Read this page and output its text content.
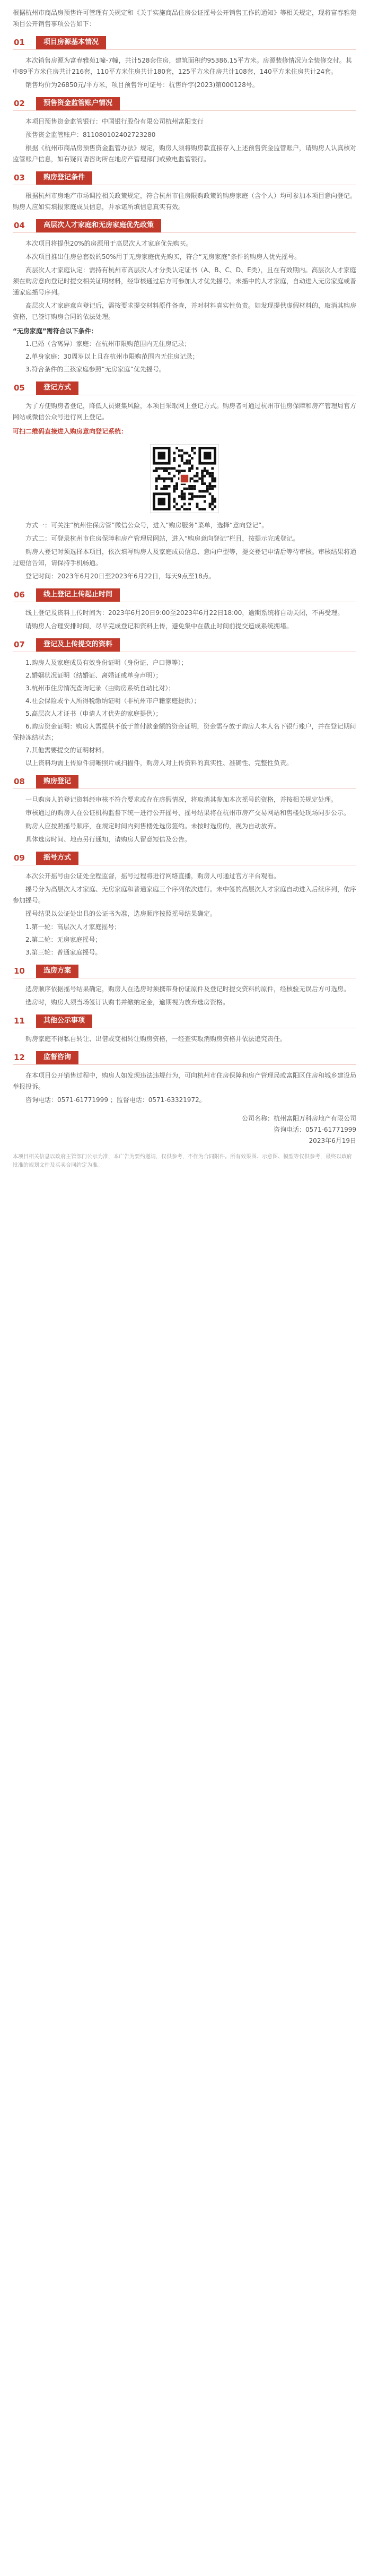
根据杭州市商品房预售许可管理有关规定和《关于实施商品住房公证摇号公开销售工作的通知》等相关规定，现将富春雅苑项目公开销售事项公告如下：

01	项目房源基本情况

本次销售房源为富春雅苑1幢-7幢，共计528套住房，建筑面积约95386.15平方米。房源装修情况为全装修交付。其中89平方米住房共计216套，110平方米住房共计180套，125平方米住房共计108套，140平方米住房共计24套。

销售均价为26850元/平方米，项目预售许可证号：杭售许字(2023)第000128号。

02	预售资金监管账户情况

本项目预售资金监管银行：中国银行股份有限公司杭州富阳支行

预售资金监管账户：811080102402723280

根据《杭州市商品房预售资金监管办法》规定，购房人须将购房款直接存入上述预售资金监管账户，请购房人认真核对监管账户信息，如有疑问请咨询所在地房产管理部门或致电监管银行。

03	购房登记条件

根据杭州市房地产市场调控相关政策规定，符合杭州市住房限购政策的购房家庭（含个人）均可参加本项目意向登记。购房人应如实填报家庭成员信息，并承诺所填信息真实有效。

04	高层次人才家庭和无房家庭优先政策

本次项目将提供20%的房源用于高层次人才家庭优先购买。

本次项目推出住房总套数的50%用于无房家庭优先购买，符合“无房家庭”条件的购房人优先摇号。

高层次人才家庭认定：需持有杭州市高层次人才分类认定证书（A、B、C、D、E类），且在有效期内。高层次人才家庭须在购房意向登记时提交相关证明材料，经审核通过后方可参加人才优先摇号。未摇中的人才家庭，自动进入无房家庭或普通家庭摇号序列。

高层次人才家庭意向登记后，需按要求提交材料原件备查，并对材料真实性负责。如发现提供虚假材料的，取消其购房资格，已签订购房合同的依法处理。

“无房家庭”需符合以下条件：

1.已婚（含离异）家庭：在杭州市限购范围内无住房记录；

2.单身家庭：30周岁以上且在杭州市限购范围内无住房记录；

3.符合条件的三孩家庭参照“无房家庭”优先摇号。

05	登记方式

为了方便购房者登记，降低人员聚集风险，本项目采取网上登记方式。购房者可通过杭州市住房保障和房产管理局官方网站或微信公众号进行网上登记。

可扫二维码直接进入购房意向登记系统：

方式一：可关注“杭州住保房管”微信公众号，进入“购房服务”菜单，选择“意向登记”。

方式二：可登录杭州市住房保障和房产管理局网站，进入“购房意向登记”栏目，按提示完成登记。

购房人登记时须选择本项目，依次填写购房人及家庭成员信息、意向户型等，提交登记申请后等待审核。审核结果将通过短信告知，请保持手机畅通。

登记时间：2023年6月20日至2023年6月22日，每天9点至18点。

06	线上登记上传起止时间

线上登记及资料上传时间为：2023年6月20日9:00至2023年6月22日18:00，逾期系统将自动关闭，不再受理。

请购房人合理安排时间，尽早完成登记和资料上传，避免集中在截止时间前提交造成系统拥堵。

07	登记及上传提交的资料

1.购房人及家庭成员有效身份证明（身份证、户口簿等）；

2.婚姻状况证明（结婚证、离婚证或单身声明）；

3.杭州市住房情况查询记录（由购房系统自动比对）；

4.社会保险或个人所得税缴纳证明（非杭州市户籍家庭提供）；

5.高层次人才证书（申请人才优先的家庭提供）；

6.购房资金证明：购房人需提供不低于首付款金额的资金证明，资金需存放于购房人本人名下银行账户，并在登记期间保持冻结状态；

7.其他需要提交的证明材料。

以上资料均需上传原件清晰照片或扫描件，购房人对上传资料的真实性、准确性、完整性负责。

08	购房登记

一旦购房人的登记资料经审核不符合要求或存在虚假情况，将取消其参加本次摇号的资格，并按相关规定处理。

审核通过的购房人在公证机构监督下统一进行公开摇号，摇号结果将在杭州市房产交易网站和售楼处现场同步公示。

购房人应按照摇号顺序，在规定时间内到售楼处选房签约。未按时选房的，视为自动放弃。

具体选房时间、地点另行通知，请购房人留意短信及公告。

09	摇号方式

本次公开摇号由公证处全程监督，摇号过程将进行网络直播，购房人可通过官方平台观看。

摇号分为高层次人才家庭、无房家庭和普通家庭三个序列依次进行。未中签的高层次人才家庭自动进入后续序列，依序参加摇号。

摇号结果以公证处出具的公证书为准，选房顺序按照摇号结果确定。

1.第一轮：高层次人才家庭摇号；

2.第二轮：无房家庭摇号；

3.第三轮：普通家庭摇号。

10	选房方案

选房顺序依据摇号结果确定，购房人在选房时须携带身份证原件及登记时提交资料的原件，经核验无误后方可选房。

选房时，购房人须当场签订认购书并缴纳定金，逾期视为放弃选房资格。

11	其他公示事项

购房家庭不得私自转让、出借或变相转让购房资格，一经查实取消购房资格并依法追究责任。

12	监督咨询

在本项目公开销售过程中，购房人如发现违法违规行为，可向杭州市住房保障和房产管理局或富阳区住房和城乡建设局举报投诉。

咨询电话：0571-61771999 ；监督电话：0571-63321972。

公司名称：杭州富阳万科房地产有限公司

咨询电话：0571-61771999

2023年6月19日

本项目相关信息以政府主管部门公示为准，本广告为要约邀请，仅供参考，不作为合同附件。所有效果图、示意图、模型等仅供参考，最终以政府批准的规划文件及买卖合同约定为准。
